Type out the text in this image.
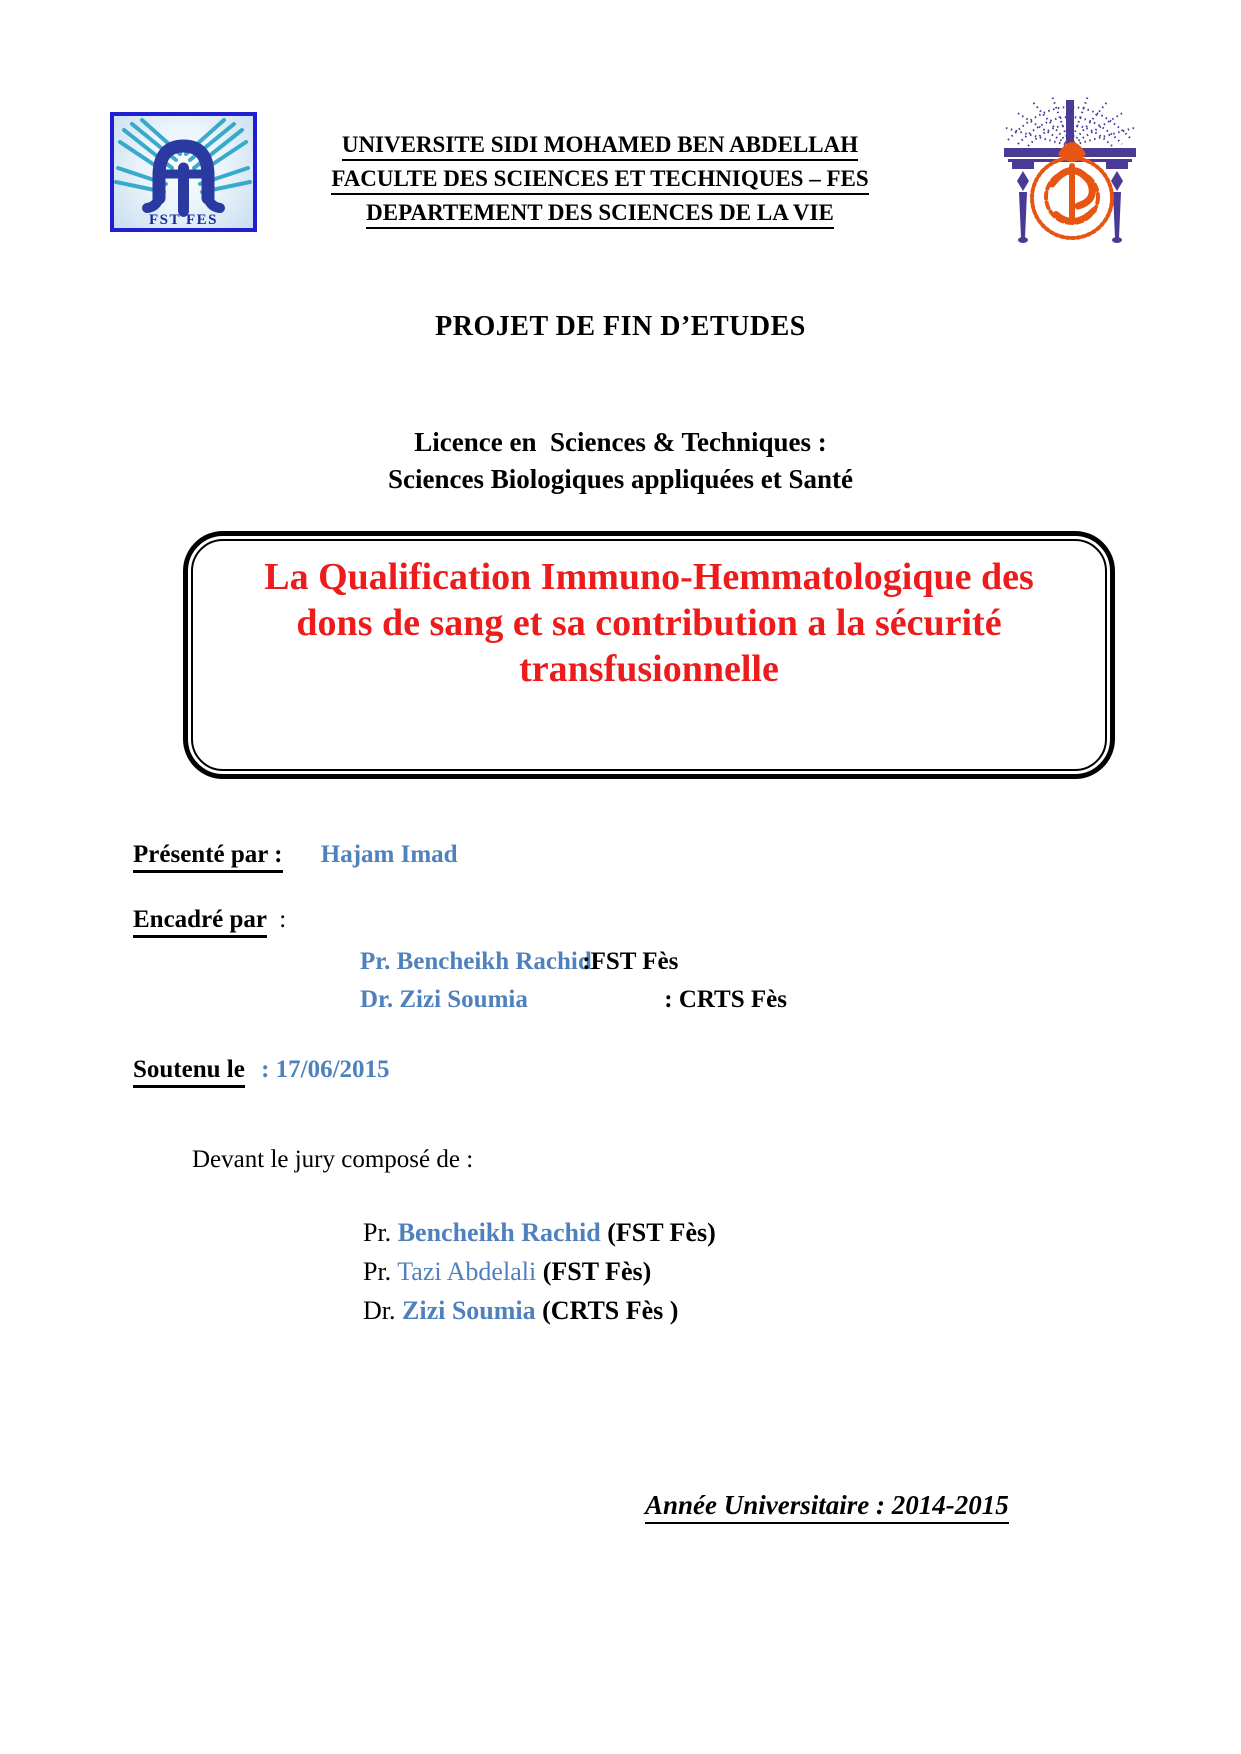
FST FES
UNIVERSITE SIDI MOHAMED BEN ABDELLAH
FACULTE DES SCIENCES ET TECHNIQUES – FES
DEPARTEMENT DES SCIENCES DE LA VIE
PROJET DE FIN D’ETUDES
Licence en  Sciences & Techniques :
Sciences Biologiques appliquées et Santé
La Qualification Immuno-Hemmatologique des
dons de sang et sa contribution a la sécurité
transfusionnelle
Présenté par : Hajam Imad
Encadré par :
Pr. Bencheikh Rachid :FST Fès
Dr. Zizi Soumia	: CRTS Fès
Soutenu le : 17/06/2015
Devant le jury composé de :
Pr. Bencheikh Rachid (FST Fès)
Pr. Tazi Abdelali (FST Fès)
Dr. Zizi Soumia (CRTS Fès )
Année Universitaire : 2014-2015
